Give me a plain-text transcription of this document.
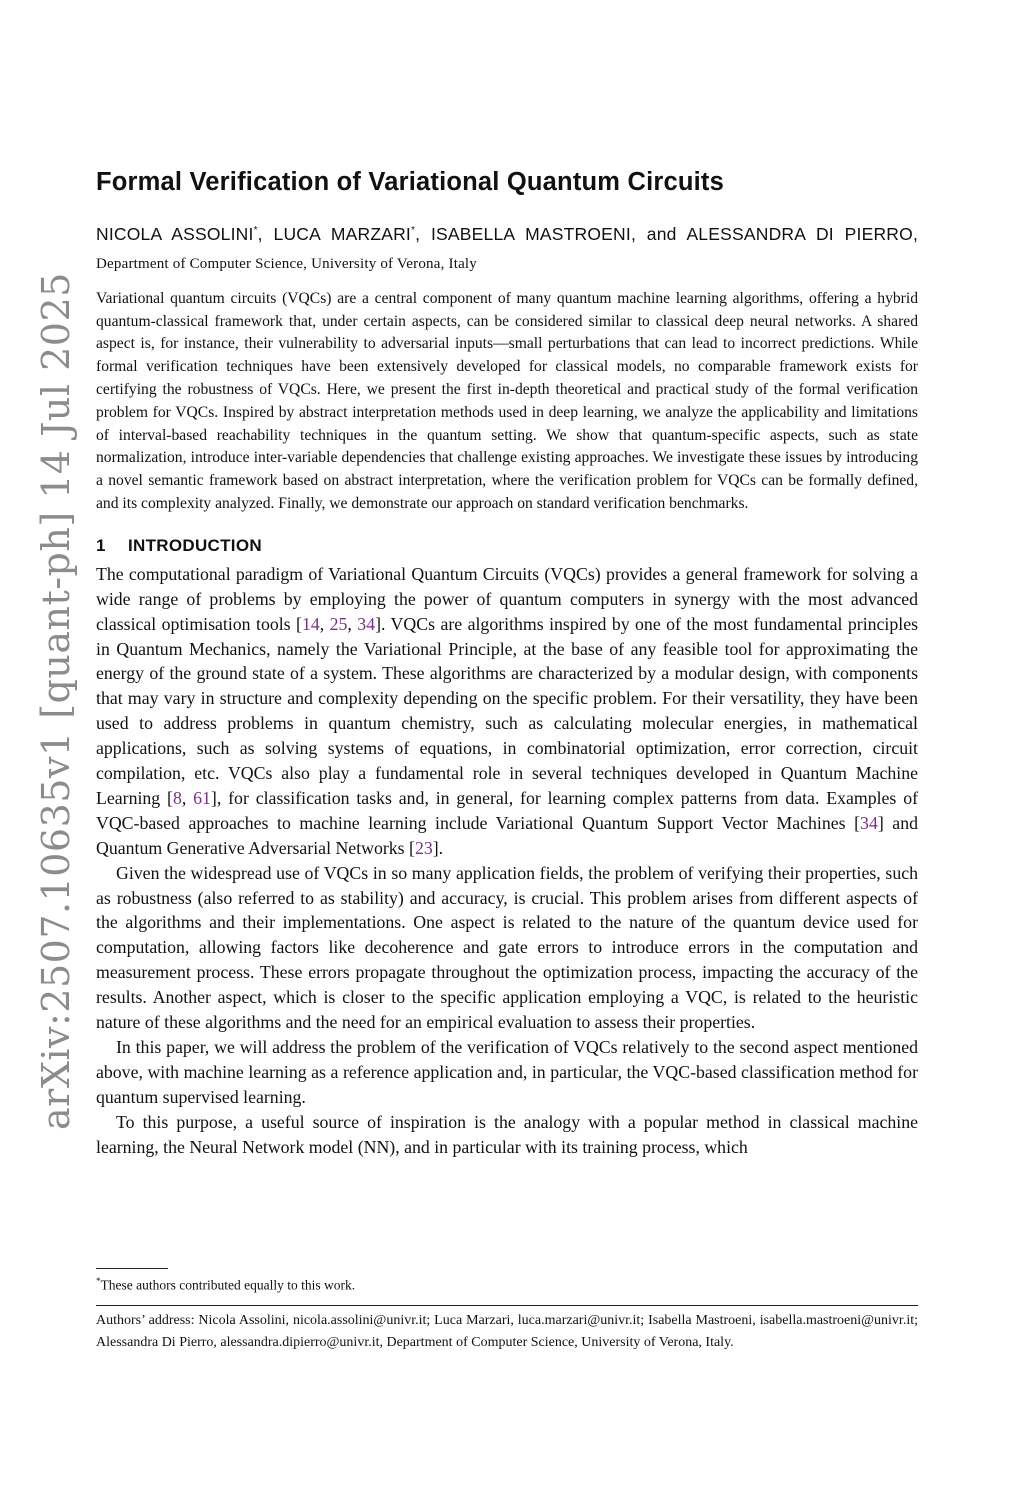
arXiv:2507.10635v1 [quant-ph] 14 Jul 2025
Formal Verification of Variational Quantum Circuits
NICOLA ASSOLINI*, LUCA MARZARI*, ISABELLA MASTROENI, and ALESSANDRA DI PIERRO, Department of Computer Science, University of Verona, Italy

Variational quantum circuits (VQCs) are a central component of many quantum machine learning algorithms, offering a hybrid quantum-classical framework that, under certain aspects, can be considered similar to classical deep neural networks. A shared aspect is, for instance, their vulnerability to adversarial inputs—small perturbations that can lead to incorrect predictions. While formal verification techniques have been extensively developed for classical models, no comparable framework exists for certifying the robustness of VQCs. Here, we present the first in-depth theoretical and practical study of the formal verification problem for VQCs. Inspired by abstract interpretation methods used in deep learning, we analyze the applicability and limitations of interval-based reachability techniques in the quantum setting. We show that quantum-specific aspects, such as state normalization, introduce inter-variable dependencies that challenge existing approaches. We investigate these issues by introducing a novel semantic framework based on abstract interpretation, where the verification problem for VQCs can be formally defined, and its complexity analyzed. Finally, we demonstrate our approach on standard verification benchmarks.

1 INTRODUCTION

The computational paradigm of Variational Quantum Circuits (VQCs) provides a general framework for solving a wide range of problems by employing the power of quantum computers in synergy with the most advanced classical optimisation tools [14, 25, 34]. VQCs are algorithms inspired by one of the most fundamental principles in Quantum Mechanics, namely the Variational Principle, at the base of any feasible tool for approximating the energy of the ground state of a system. These algorithms are characterized by a modular design, with components that may vary in structure and complexity depending on the specific problem. For their versatility, they have been used to address problems in quantum chemistry, such as calculating molecular energies, in mathematical applications, such as solving systems of equations, in combinatorial optimization, error correction, circuit compilation, etc. VQCs also play a fundamental role in several techniques developed in Quantum Machine Learning [8, 61], for classification tasks and, in general, for learning complex patterns from data. Examples of VQC-based approaches to machine learning include Variational Quantum Support Vector Machines [34] and Quantum Generative Adversarial Networks [23].

Given the widespread use of VQCs in so many application fields, the problem of verifying their properties, such as robustness (also referred to as stability) and accuracy, is crucial. This problem arises from different aspects of the algorithms and their implementations. One aspect is related to the nature of the quantum device used for computation, allowing factors like decoherence and gate errors to introduce errors in the computation and measurement process. These errors propagate throughout the optimization process, impacting the accuracy of the results. Another aspect, which is closer to the specific application employing a VQC, is related to the heuristic nature of these algorithms and the need for an empirical evaluation to assess their properties.

In this paper, we will address the problem of the verification of VQCs relatively to the second aspect mentioned above, with machine learning as a reference application and, in particular, the VQC-based classification method for quantum supervised learning.

To this purpose, a useful source of inspiration is the analogy with a popular method in classical machine learning, the Neural Network model (NN), and in particular with its training process, which

*These authors contributed equally to this work.
Authors’ address: Nicola Assolini, nicola.assolini@univr.it; Luca Marzari, luca.marzari@univr.it; Isabella Mastroeni, isabella.mastroeni@univr.it; Alessandra Di Pierro, alessandra.dipierro@univr.it, Department of Computer Science, University of Verona, Italy.
